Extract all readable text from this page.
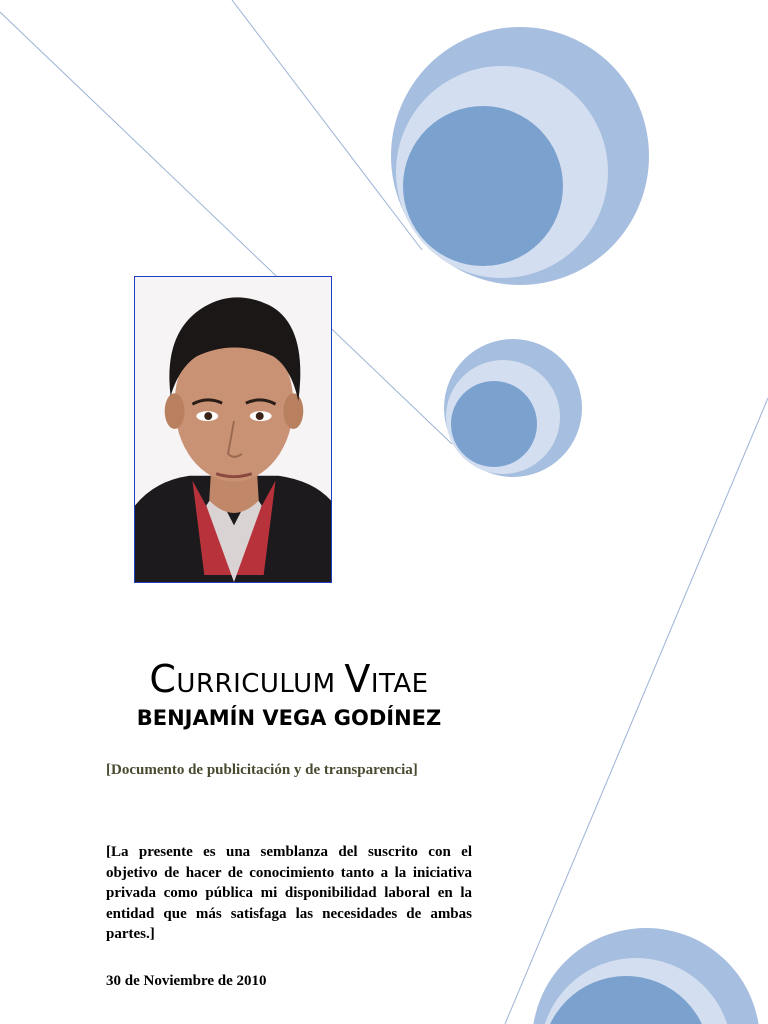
CURRICULUM VITAE
BENJAMÍN VEGA GODÍNEZ
[Documento de publicitación y de transparencia]
[La presente es una semblanza del suscrito con el objetivo de hacer de conocimiento tanto a la iniciativa privada como pública mi disponibilidad laboral en la entidad que más satisfaga las necesidades de ambas partes.]
30 de Noviembre de 2010
